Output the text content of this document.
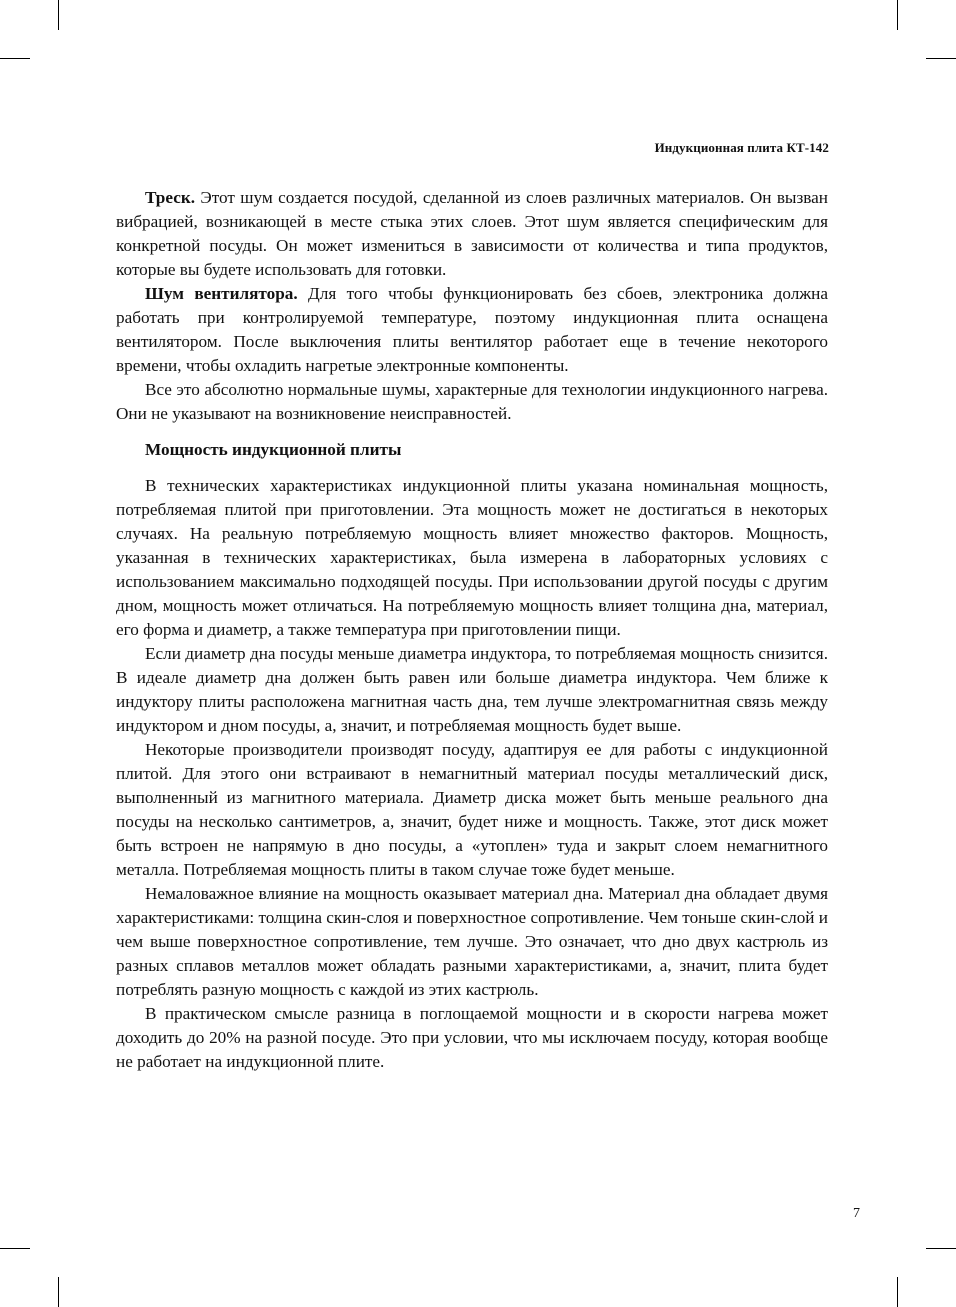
Индукционная плита КТ-142

Треск. Этот шум создается посудой, сделанной из слоев различных материалов. Он вызван вибрацией, возникающей в месте стыка этих слоев. Этот шум является специфическим для конкретной посуды. Он может измениться в зависимости от количества и типа продуктов, которые вы будете использовать для готовки.

Шум вентилятора. Для того чтобы функционировать без сбоев, электроника должна работать при контролируемой температуре, поэтому индукционная плита оснащена вентилятором. После выключения плиты вентилятор работает еще в течение некоторого времени, чтобы охладить нагретые электронные компоненты.

Все это абсолютно нормальные шумы, характерные для технологии индукционного нагрева. Они не указывают на возникновение неисправностей.

Мощность индукционной плиты

В технических характеристиках индукционной плиты указана номинальная мощность, потребляемая плитой при приготовлении. Эта мощность может не достигаться в некоторых случаях. На реальную потребляемую мощность влияет множество факторов. Мощность, указанная в технических характеристиках, была измерена в лабораторных условиях с использованием максимально подходящей посуды. При использовании другой посуды с другим дном, мощность может отличаться. На потребляемую мощность влияет толщина дна, материал, его форма и диаметр, а также температура при приготовлении пищи.

Если диаметр дна посуды меньше диаметра индуктора, то потребляемая мощность снизится. В идеале диаметр дна должен быть равен или больше диаметра индуктора. Чем ближе к индуктору плиты расположена магнитная часть дна, тем лучше электромагнитная связь между индуктором и дном посуды, а, значит, и потребляемая мощность будет выше.

Некоторые производители производят посуду, адаптируя ее для работы с индукционной плитой. Для этого они встраивают в немагнитный материал посуды металлический диск, выполненный из магнитного материала. Диаметр диска может быть меньше реального дна посуды на несколько сантиметров, а, значит, будет ниже и мощность. Также, этот диск может быть встроен не напрямую в дно посуды, а «утоплен» туда и закрыт слоем немагнитного металла. Потребляемая мощность плиты в таком случае тоже будет меньше.

Немаловажное влияние на мощность оказывает материал дна. Материал дна обладает двумя характеристиками: толщина скин-слоя и поверхностное сопротивление. Чем тоньше скин-слой и чем выше поверхностное сопротивление, тем лучше. Это означает, что дно двух кастрюль из разных сплавов металлов может обладать разными характеристиками, а, значит, плита будет потреблять разную мощность с каждой из этих кастрюль.

В практическом смысле разница в поглощаемой мощности и в скорости нагрева может доходить до 20% на разной посуде. Это при условии, что мы исключаем посуду, которая вообще не работает на индукционной плите.

7
